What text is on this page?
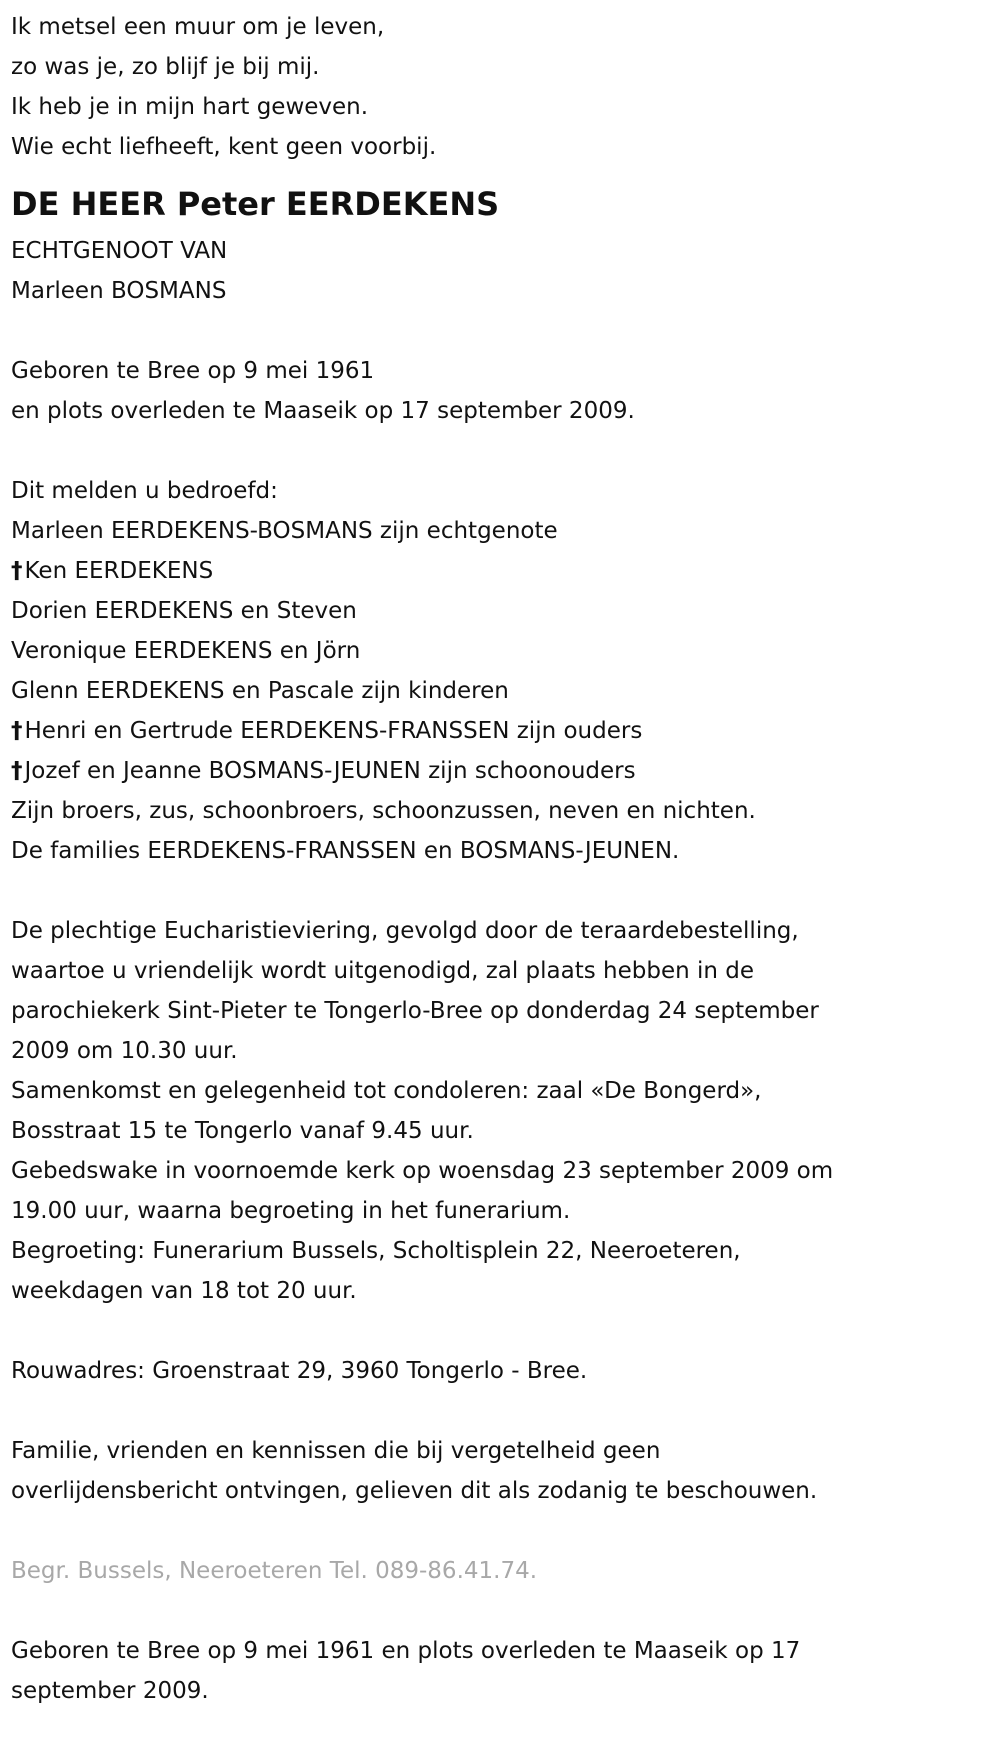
Ik metsel een muur om je leven,
zo was je, zo blijf je bij mij.
Ik heb je in mijn hart geweven.
Wie echt liefheeft, kent geen voorbij.
DE HEER Peter EERDEKENS
ECHTGENOOT VAN
Marleen BOSMANS
Geboren te Bree op 9 mei 1961
en plots overleden te Maaseik op 17 september 2009.
Dit melden u bedroefd:
Marleen EERDEKENS-BOSMANS zijn echtgenote
†Ken EERDEKENS
Dorien EERDEKENS en Steven
Veronique EERDEKENS en Jörn
Glenn EERDEKENS en Pascale zijn kinderen
†Henri en Gertrude EERDEKENS-FRANSSEN zijn ouders
†Jozef en Jeanne BOSMANS-JEUNEN zijn schoonouders
Zijn broers, zus, schoonbroers, schoonzussen, neven en nichten.
De families EERDEKENS-FRANSSEN en BOSMANS-JEUNEN.
De plechtige Eucharistieviering, gevolgd door de teraardebestelling,
waartoe u vriendelijk wordt uitgenodigd, zal plaats hebben in de
parochiekerk Sint-Pieter te Tongerlo-Bree op donderdag 24 september
2009 om 10.30 uur.
Samenkomst en gelegenheid tot condoleren: zaal «De Bongerd»,
Bosstraat 15 te Tongerlo vanaf 9.45 uur.
Gebedswake in voornoemde kerk op woensdag 23 september 2009 om
19.00 uur, waarna begroeting in het funerarium.
Begroeting: Funerarium Bussels, Scholtisplein 22, Neeroeteren,
weekdagen van 18 tot 20 uur.
Rouwadres: Groenstraat 29, 3960 Tongerlo - Bree.
Familie, vrienden en kennissen die bij vergetelheid geen
overlijdensbericht ontvingen, gelieven dit als zodanig te beschouwen.
Begr. Bussels, Neeroeteren Tel. 089-86.41.74.
Geboren te Bree op 9 mei 1961 en plots overleden te Maaseik op 17
september 2009.
